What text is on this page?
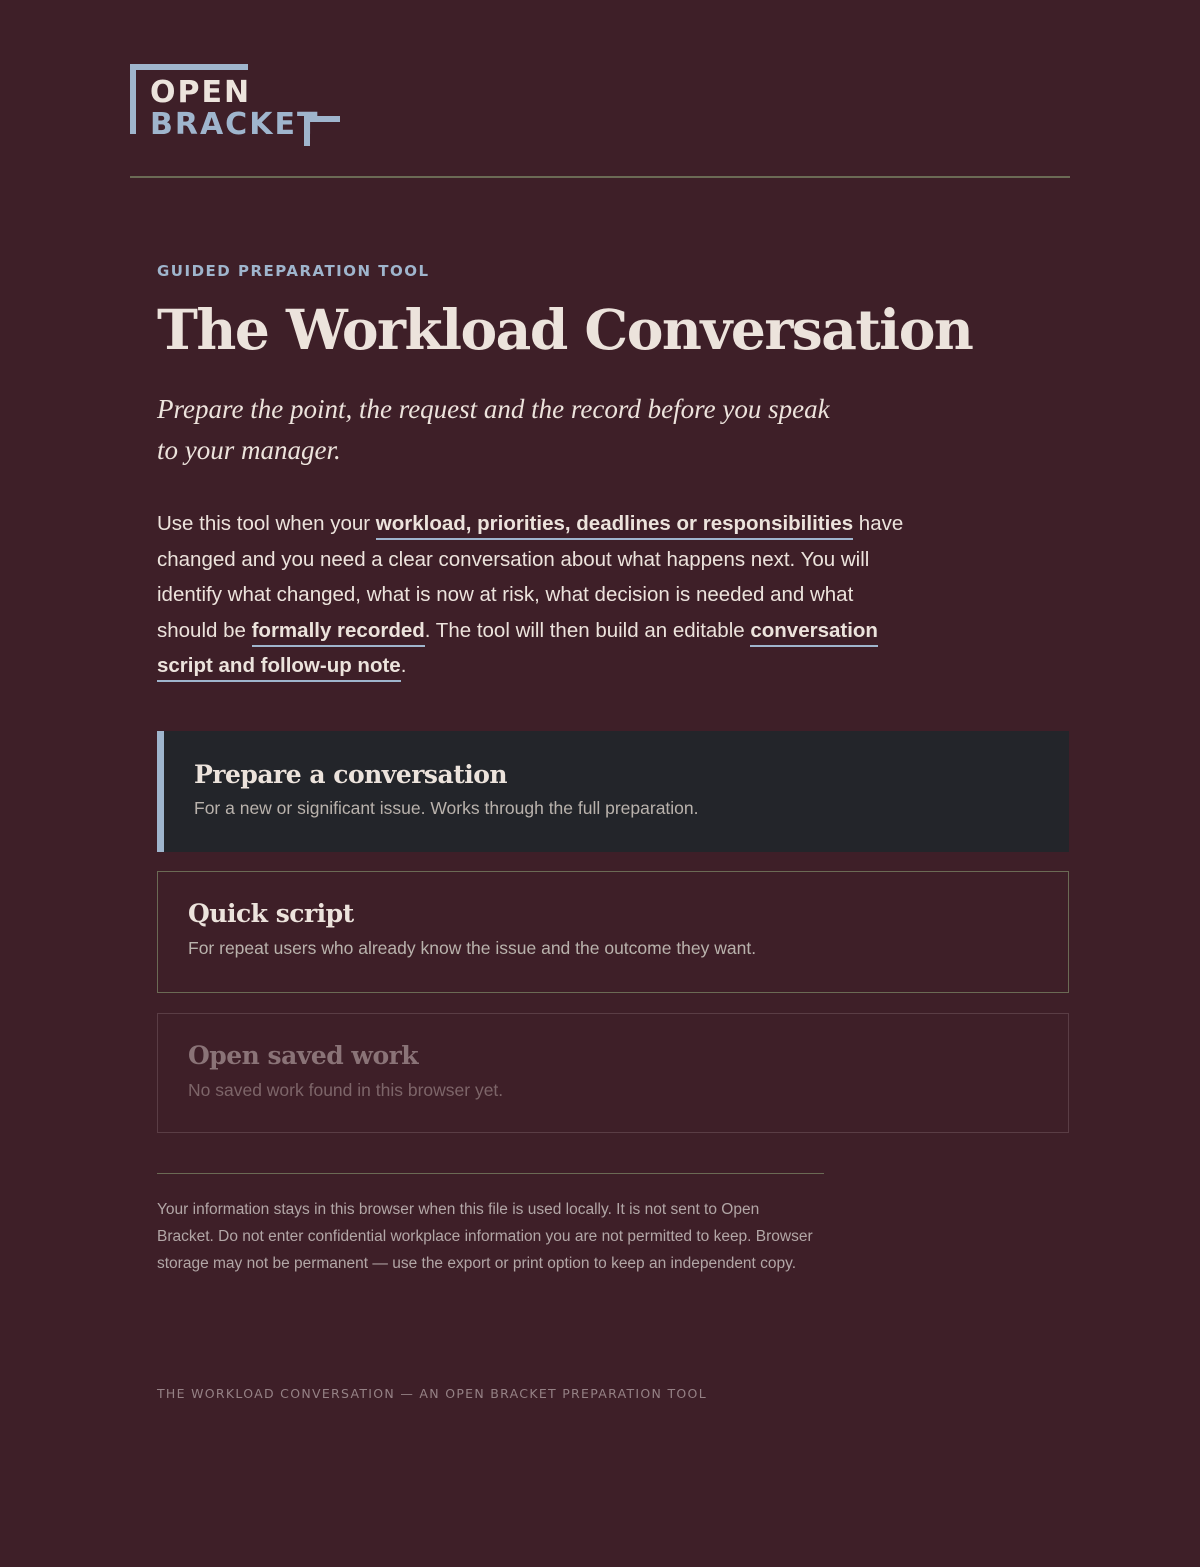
OPEN
BRACKET
GUIDED PREPARATION TOOL
The Workload Conversation

Prepare the point, the request and the record before you speak to your manager.

Use this tool when your workload, priorities, deadlines or responsibilities have changed and you need a clear conversation about what happens next. You will identify what changed, what is now at risk, what decision is needed and what should be formally recorded. The tool will then build an editable conversation script and follow-up note.

Prepare a conversation
For a new or significant issue. Works through the full preparation.
Quick script
For repeat users who already know the issue and the outcome they want.
Open saved work
No saved work found in this browser yet.

Your information stays in this browser when this file is used locally. It is not sent to Open Bracket. Do not enter confidential workplace information you are not permitted to keep. Browser storage may not be permanent — use the export or print option to keep an independent copy.

THE WORKLOAD CONVERSATION — AN OPEN BRACKET PREPARATION TOOL
